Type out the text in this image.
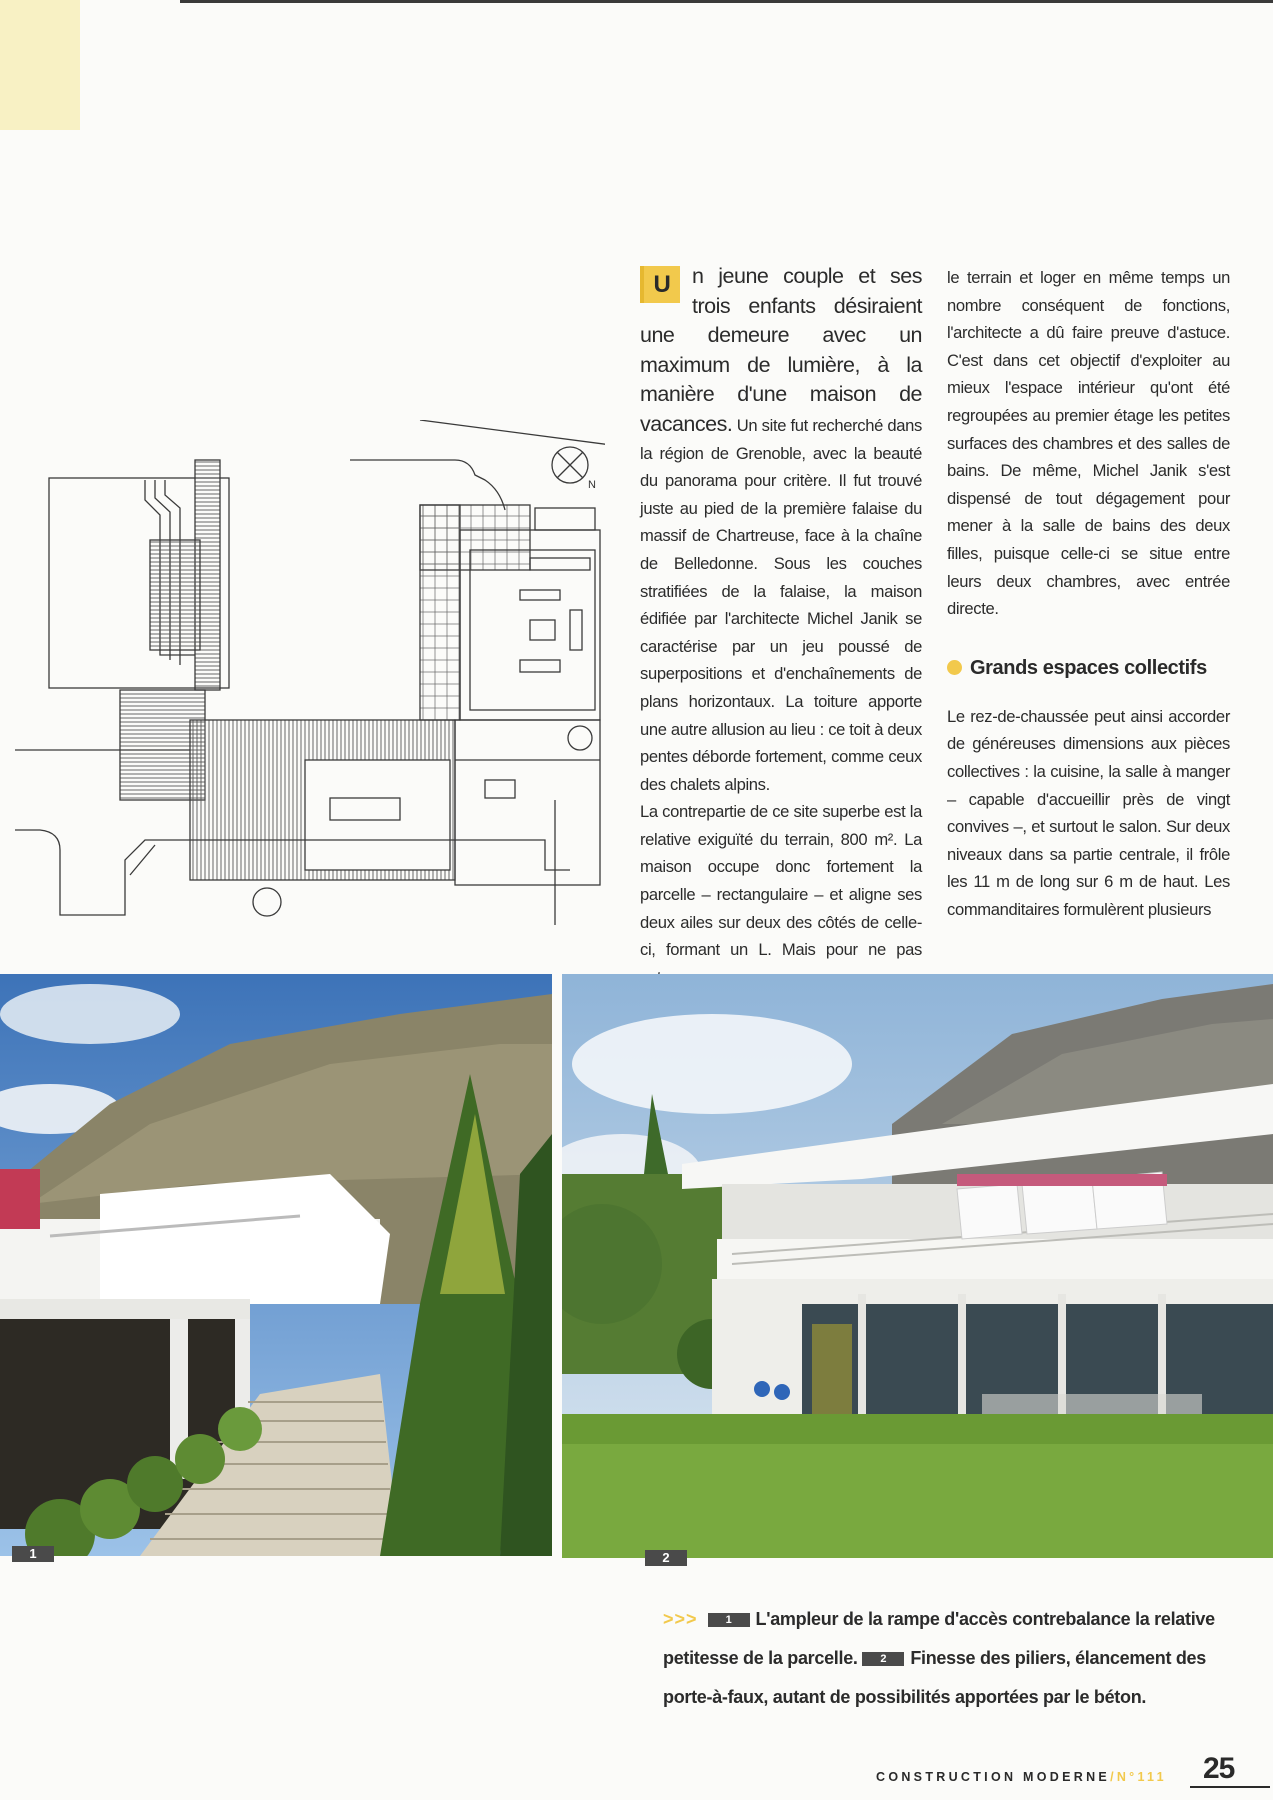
N

U	n jeune couple et ses trois enfants désiraient une demeure avec un maximum de lumière, à la manière d'une maison de vacances. Un site fut recherché dans la région de Grenoble, avec la beauté du panorama pour critère. Il fut trouvé juste au pied de la première falaise du massif de Chartreuse, face à la chaîne de Belledonne. Sous les couches stratifiées de la falaise, la maison édifiée par l'architecte Michel Janik se caractérise par un jeu poussé de superpositions et d'enchaînements de plans horizontaux. La toiture apporte une autre allusion au lieu : ce toit à deux pentes déborde fortement, comme ceux des chalets alpins.

La contrepartie de ce site superbe est la relative exiguïté du terrain, 800 m². La maison occupe donc fortement la parcelle – rectangulaire – et aligne ses deux ailes sur deux des côtés de celle-ci, formant un L. Mais pour ne pas

le terrain et loger en même temps un nombre conséquent de fonctions, l'architecte a dû faire preuve d'astuce. C'est dans cet objectif d'exploiter au mieux l'espace intérieur qu'ont été regroupées au premier étage les petites surfaces des chambres et des salles de bains. De même, Michel Janik s'est dispensé de tout dégagement pour mener à la salle de bains des deux filles, puisque celle-ci se situe entre leurs deux chambres, avec entrée directe.

Grands espaces collectifs

Le rez-de-chaussée peut ainsi accorder de généreuses dimensions aux pièces collectives : la cuisine, la salle à manger – capable d'accueillir près de vingt convives –, et surtout le salon. Sur deux niveaux dans sa partie centrale, il frôle les 11 m de long sur 6 m de haut. Les commanditaires formulèrent plusieurs

1	2
>>>	1 L'ampleur de la rampe d'accès contrebalance la relative petitesse de la parcelle. 2 Finesse des piliers, élancement des porte-à-faux, autant de possibilités apportées par le béton.
CONSTRUCTION MODERNE/N°111 25
